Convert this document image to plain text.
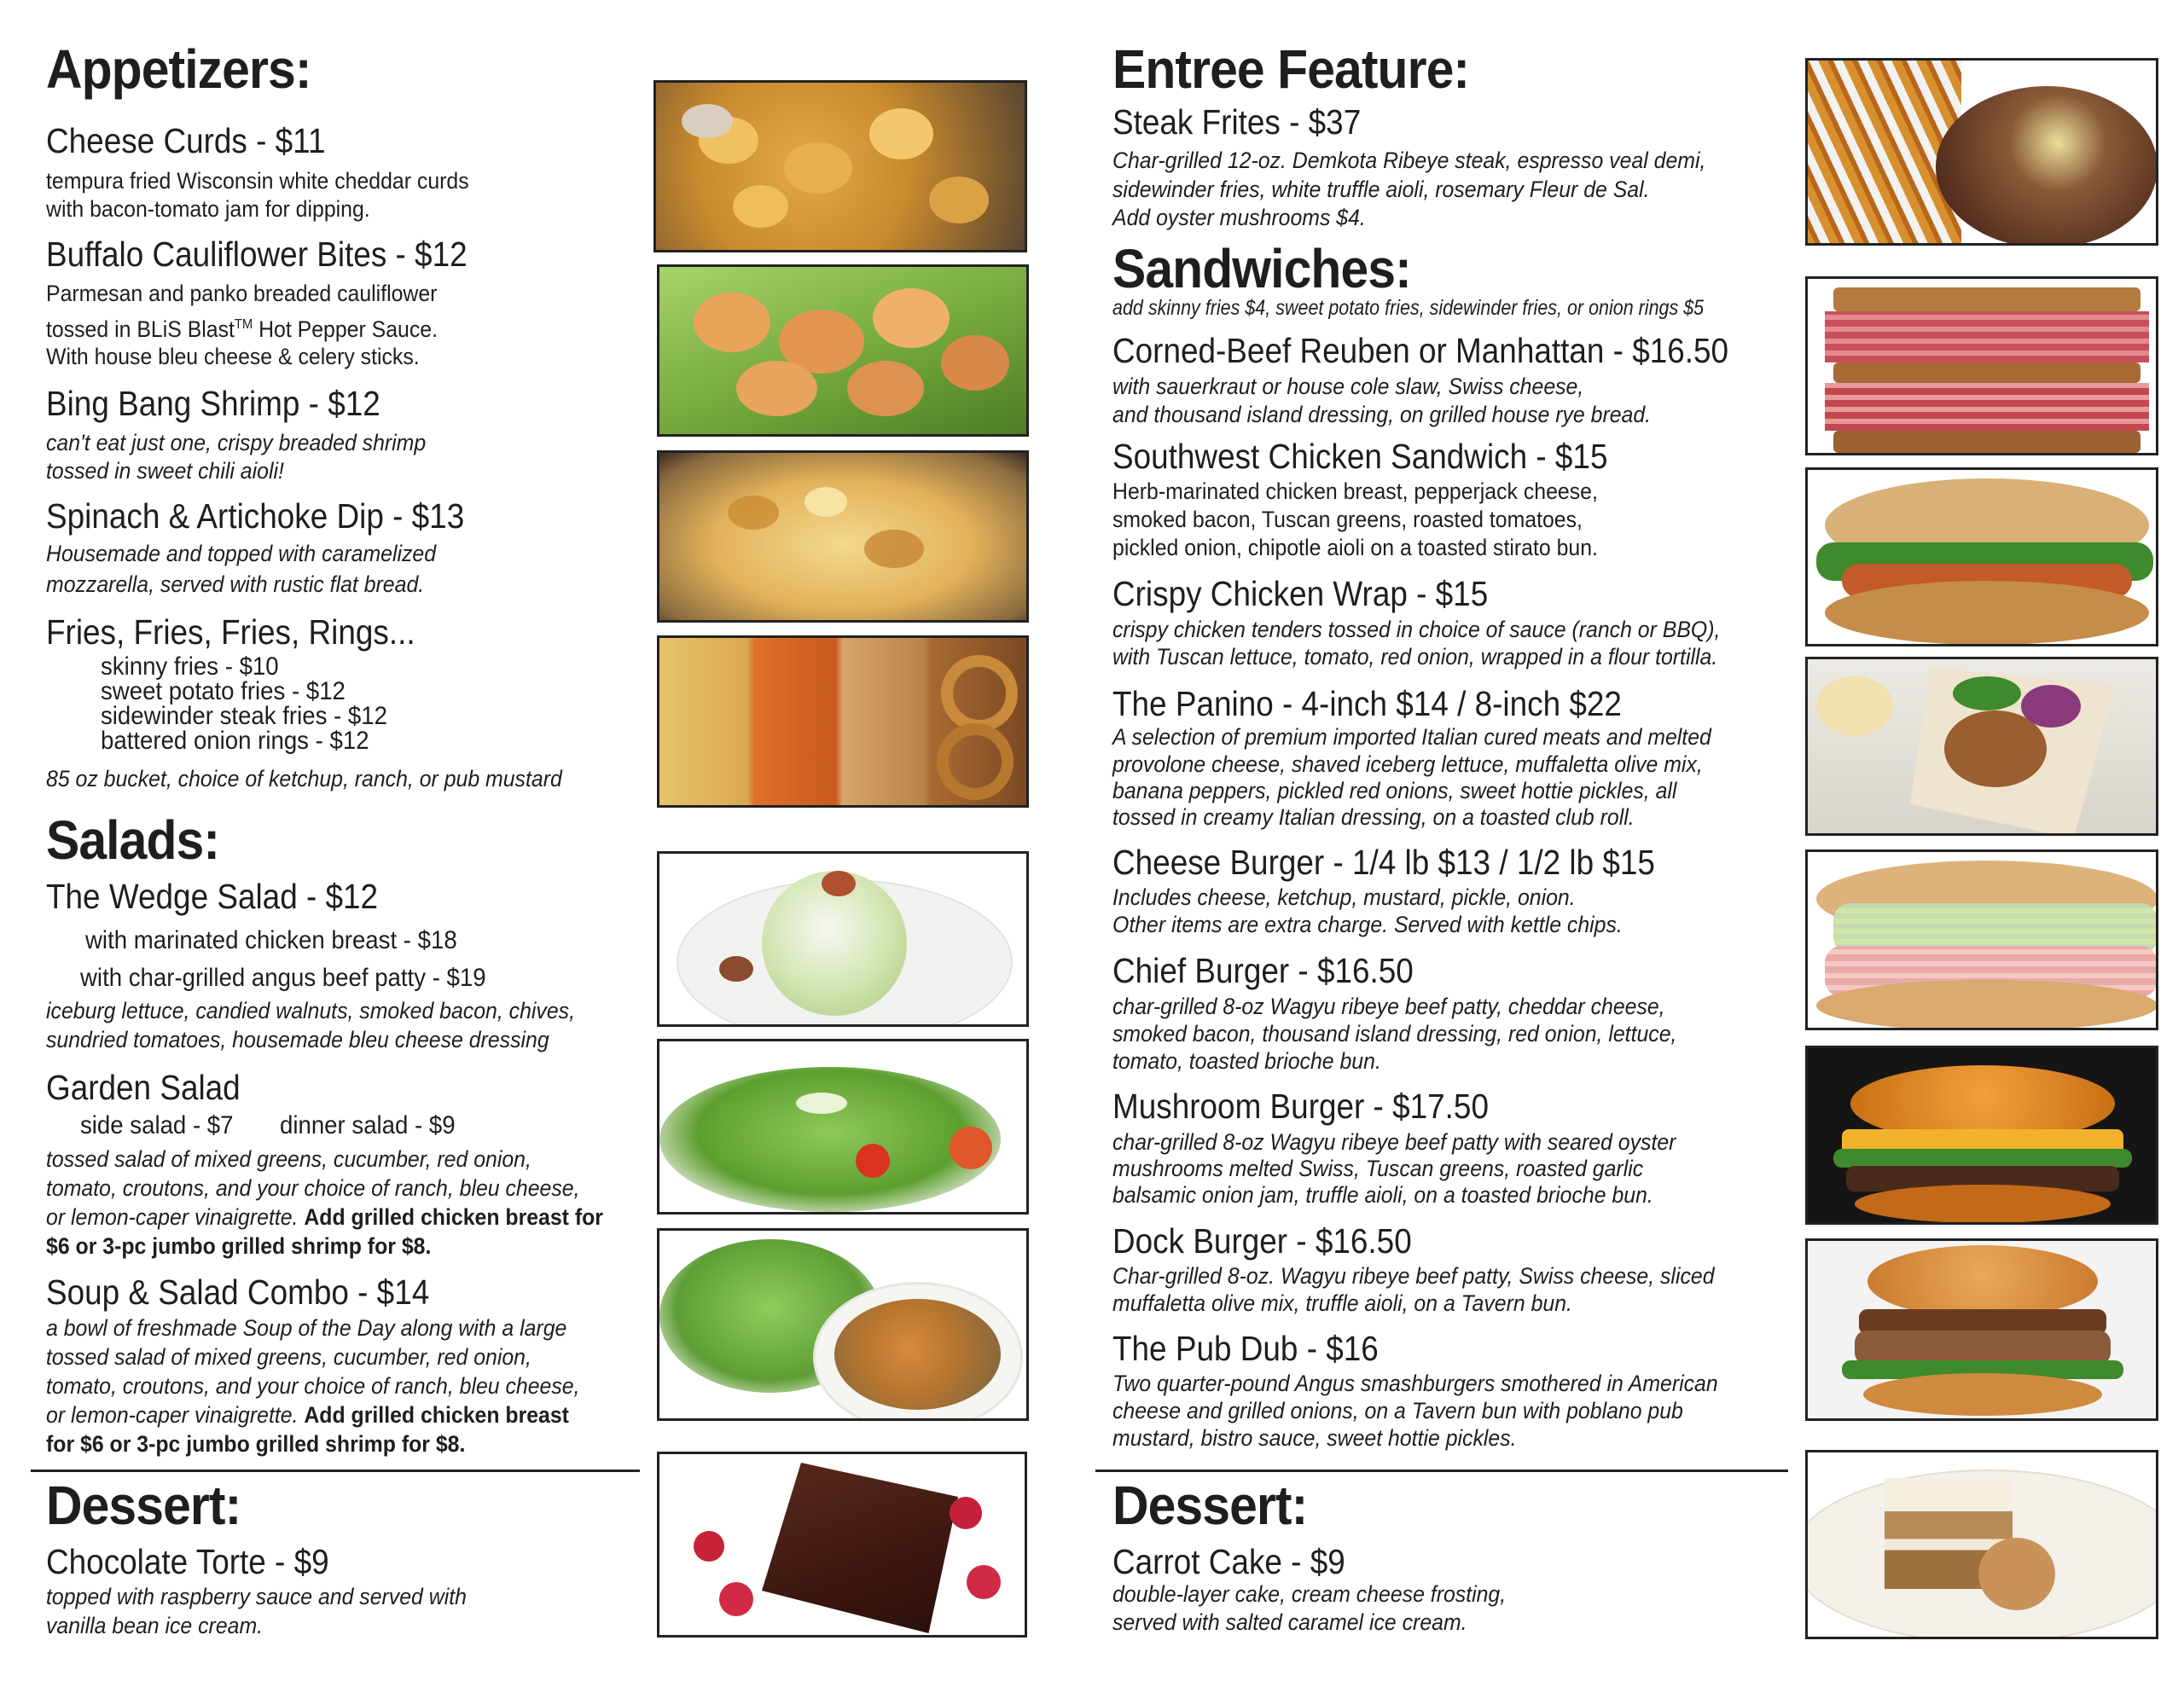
Appetizers:
Cheese Curds - $11
tempura fried Wisconsin white cheddar curds
with bacon-tomato jam for dipping.
Buffalo Cauliflower Bites - $12
Parmesan and panko breaded cauliflower
tossed in BLiS Blast™ Hot Pepper Sauce.
With house bleu cheese & celery sticks.
Bing Bang Shrimp - $12
can't eat just one, crispy breaded shrimp
tossed in sweet chili aioli!
Spinach & Artichoke Dip - $13
Housemade and topped with caramelized
mozzarella, served with rustic flat bread.
Fries, Fries, Fries, Rings...
skinny fries - $10
sweet potato fries - $12
sidewinder steak fries - $12
battered onion rings - $12
85 oz bucket, choice of ketchup, ranch, or pub mustard
Salads:
The Wedge Salad - $12
with marinated chicken breast - $18
with char-grilled angus beef patty - $19
iceburg lettuce, candied walnuts, smoked bacon, chives,
sundried tomatoes, housemade bleu cheese dressing
Garden Salad
side salad - $7 dinner salad - $9
tossed salad of mixed greens, cucumber, red onion,
tomato, croutons, and your choice of ranch, bleu cheese,
or lemon-caper vinaigrette. Add grilled chicken breast for
$6 or 3-pc jumbo grilled shrimp for $8.
Soup & Salad Combo - $14
a bowl of freshmade Soup of the Day along with a large
tossed salad of mixed greens, cucumber, red onion,
tomato, croutons, and your choice of ranch, bleu cheese,
or lemon-caper vinaigrette. Add grilled chicken breast
for $6 or 3-pc jumbo grilled shrimp for $8.
Dessert:
Chocolate Torte - $9
topped with raspberry sauce and served with
vanilla bean ice cream.
Entree Feature:
Steak Frites - $37
Char-grilled 12-oz. Demkota Ribeye steak, espresso veal demi,
sidewinder fries, white truffle aioli, rosemary Fleur de Sal.
Add oyster mushrooms $4.
Sandwiches:
add skinny fries $4, sweet potato fries, sidewinder fries, or onion rings $5
Corned-Beef Reuben or Manhattan - $16.50
with sauerkraut or house cole slaw, Swiss cheese,
and thousand island dressing, on grilled house rye bread.
Southwest Chicken Sandwich - $15
Herb-marinated chicken breast, pepperjack cheese,
smoked bacon, Tuscan greens, roasted tomatoes,
pickled onion, chipotle aioli on a toasted stirato bun.
Crispy Chicken Wrap - $15
crispy chicken tenders tossed in choice of sauce (ranch or BBQ),
with Tuscan lettuce, tomato, red onion, wrapped in a flour tortilla.
The Panino - 4-inch $14 / 8-inch $22
A selection of premium imported Italian cured meats and melted
provolone cheese, shaved iceberg lettuce, muffaletta olive mix,
banana peppers, pickled red onions, sweet hottie pickles, all
tossed in creamy Italian dressing, on a toasted club roll.
Cheese Burger - 1/4 lb $13 / 1/2 lb $15
Includes cheese, ketchup, mustard, pickle, onion.
Other items are extra charge. Served with kettle chips.
Chief Burger - $16.50
char-grilled 8-oz Wagyu ribeye beef patty, cheddar cheese,
smoked bacon, thousand island dressing, red onion, lettuce,
tomato, toasted brioche bun.
Mushroom Burger - $17.50
char-grilled 8-oz Wagyu ribeye beef patty with seared oyster
mushrooms melted Swiss, Tuscan greens, roasted garlic
balsamic onion jam, truffle aioli, on a toasted brioche bun.
Dock Burger - $16.50
Char-grilled 8-oz. Wagyu ribeye beef patty, Swiss cheese, sliced
muffaletta olive mix, truffle aioli, on a Tavern bun.
The Pub Dub - $16
Two quarter-pound Angus smashburgers smothered in American
cheese and grilled onions, on a Tavern bun with poblano pub
mustard, bistro sauce, sweet hottie pickles.
Dessert:
Carrot Cake - $9
double-layer cake, cream cheese frosting,
served with salted caramel ice cream.
